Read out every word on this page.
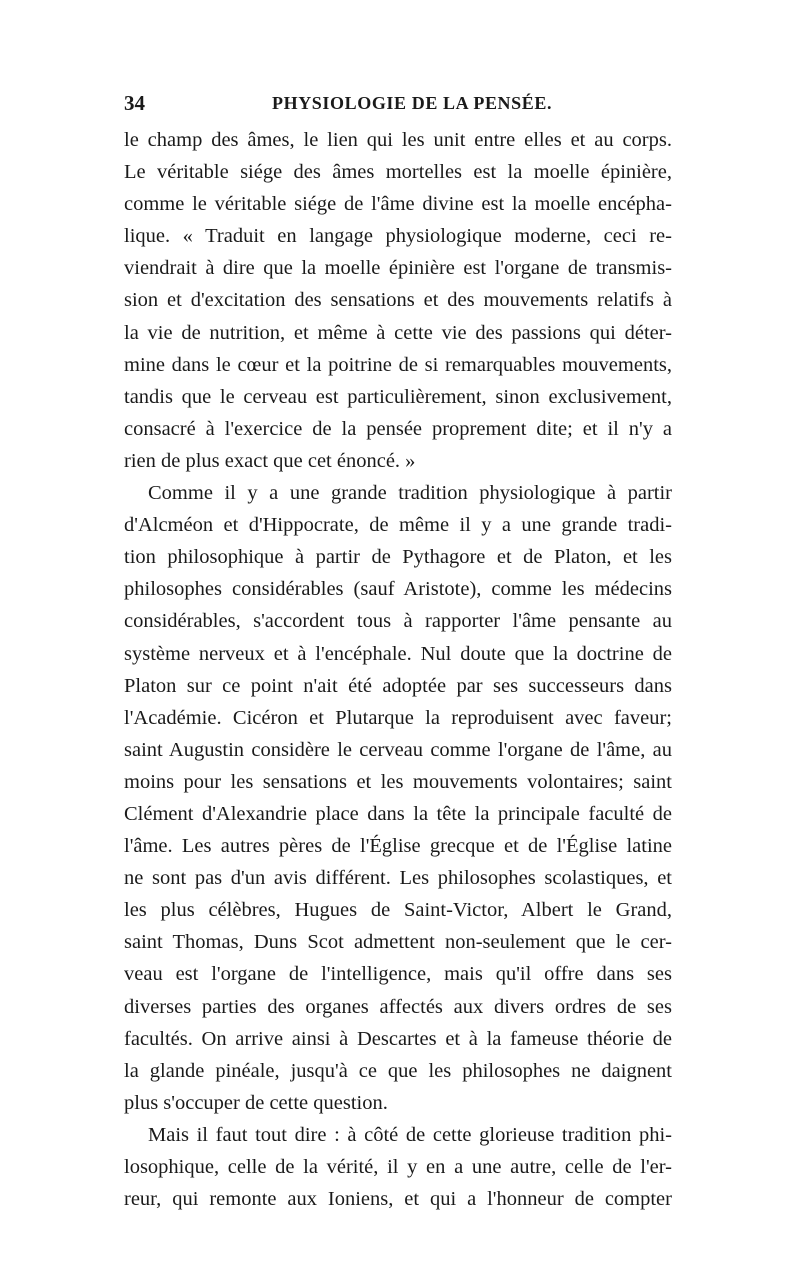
34	PHYSIOLOGIE DE LA PENSÉE.
le champ des âmes, le lien qui les unit entre elles et au corps.
Le véritable siége des âmes mortelles est la moelle épinière,
comme le véritable siége de l'âme divine est la moelle encépha-
lique. « Traduit en langage physiologique moderne, ceci re-
viendrait à dire que la moelle épinière est l'organe de transmis-
sion et d'excitation des sensations et des mouvements relatifs à
la vie de nutrition, et même à cette vie des passions qui déter-
mine dans le cœur et la poitrine de si remarquables mouvements,
tandis que le cerveau est particulièrement, sinon exclusivement,
consacré à l'exercice de la pensée proprement dite; et il n'y a
rien de plus exact que cet énoncé. »
Comme il y a une grande tradition physiologique à partir
d'Alcméon et d'Hippocrate, de même il y a une grande tradi-
tion philosophique à partir de Pythagore et de Platon, et les
philosophes considérables (sauf Aristote), comme les médecins
considérables, s'accordent tous à rapporter l'âme pensante au
système nerveux et à l'encéphale. Nul doute que la doctrine de
Platon sur ce point n'ait été adoptée par ses successeurs dans
l'Académie. Cicéron et Plutarque la reproduisent avec faveur;
saint Augustin considère le cerveau comme l'organe de l'âme, au
moins pour les sensations et les mouvements volontaires; saint
Clément d'Alexandrie place dans la tête la principale faculté de
l'âme. Les autres pères de l'Église grecque et de l'Église latine
ne sont pas d'un avis différent. Les philosophes scolastiques, et
les plus célèbres, Hugues de Saint-Victor, Albert le Grand,
saint Thomas, Duns Scot admettent non-seulement que le cer-
veau est l'organe de l'intelligence, mais qu'il offre dans ses
diverses parties des organes affectés aux divers ordres de ses
facultés. On arrive ainsi à Descartes et à la fameuse théorie de
la glande pinéale, jusqu'à ce que les philosophes ne daignent
plus s'occuper de cette question.
Mais il faut tout dire : à côté de cette glorieuse tradition phi-
losophique, celle de la vérité, il y en a une autre, celle de l'er-
reur, qui remonte aux Ioniens, et qui a l'honneur de compter
